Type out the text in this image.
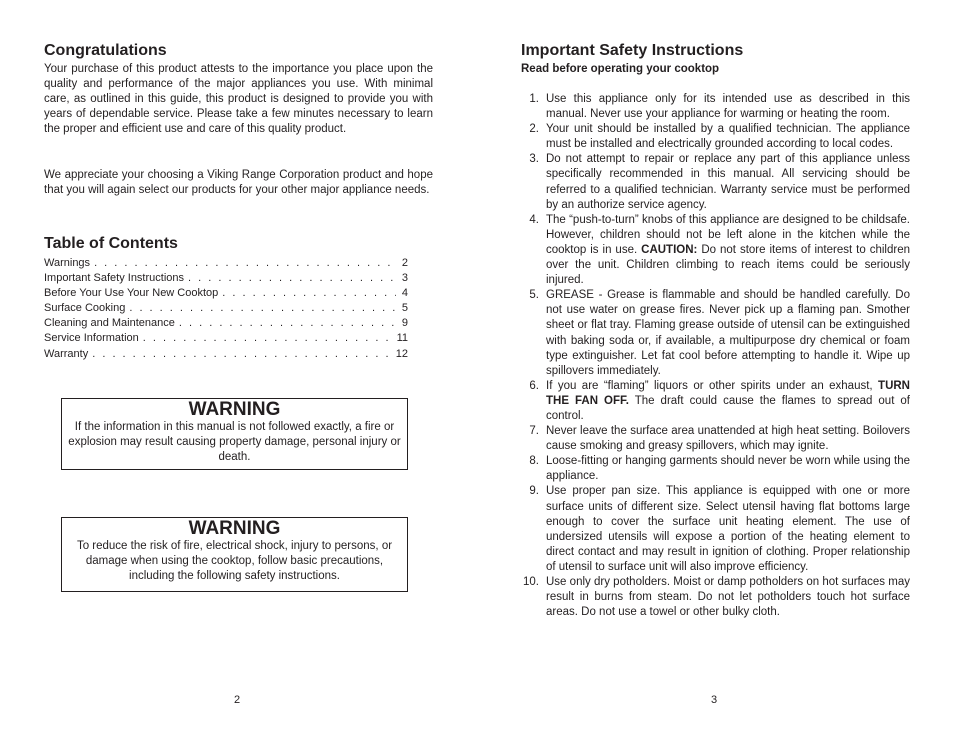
Congratulations

Your purchase of this product attests to the importance you place upon the quality and performance of the major appliances you use. With minimal care, as outlined in this guide, this product is designed to provide you with years of dependable service. Please take a few minutes necessary to learn the proper and efficient use and care of this quality product.

We appreciate your choosing a Viking Range Corporation product and hope that you will again select our products for your other major appliance needs.

Table of Contents
Warnings . . .	2
Important Safety Instructions . . .	3
Before Your Use Your New Cooktop . . .	4
Surface Cooking . . .	5
Cleaning and Maintenance . . .	9
Service Information . . .	11
Warranty . . .	12
WARNING
If the information in this manual is not followed exactly, a fire or explosion may result causing property damage, personal injury or death.
WARNING
To reduce the risk of fire, electrical shock, injury to persons, or damage when using the cooktop, follow basic precautions, including the following safety instructions.
2
Important Safety Instructions
Read before operating your cooktop
1. Use this appliance only for its intended use as described in this manual. Never use your appliance for warming or heating the room.
2. Your unit should be installed by a qualified technician. The appliance must be installed and electrically grounded according to local codes.
3. Do not attempt to repair or replace any part of this appliance unless specifically recommended in this manual. All servicing should be referred to a qualified technician. Warranty service must be performed by an authorize service agency.
4. The “push-to-turn” knobs of this appliance are designed to be childsafe. However, children should not be left alone in the kitchen while the cooktop is in use. CAUTION: Do not store items of interest to children over the unit. Children climbing to reach items could be seriously injured.
5. GREASE - Grease is flammable and should be handled carefully. Do not use water on grease fires. Never pick up a flaming pan. Smother sheet or flat tray. Flaming grease outside of utensil can be extinguished with baking soda or, if available, a multipurpose dry chemical or foam type extinguisher. Let fat cool before attempting to handle it. Wipe up spillovers immediately.
6. If you are “flaming” liquors or other spirits under an exhaust, TURN THE FAN OFF. The draft could cause the flames to spread out of control.
7. Never leave the surface area unattended at high heat setting. Boilovers cause smoking and greasy spillovers, which may ignite.
8. Loose-fitting or hanging garments should never be worn while using the appliance.
9. Use proper pan size. This appliance is equipped with one or more surface units of different size. Select utensil having flat bottoms large enough to cover the surface unit heating element. The use of undersized utensils will expose a portion of the heating element to direct contact and may result in ignition of clothing. Proper relationship of utensil to surface unit will also improve efficiency.
10. Use only dry potholders. Moist or damp potholders on hot surfaces may result in burns from steam. Do not let potholders touch hot surface areas. Do not use a towel or other bulky cloth.
3
